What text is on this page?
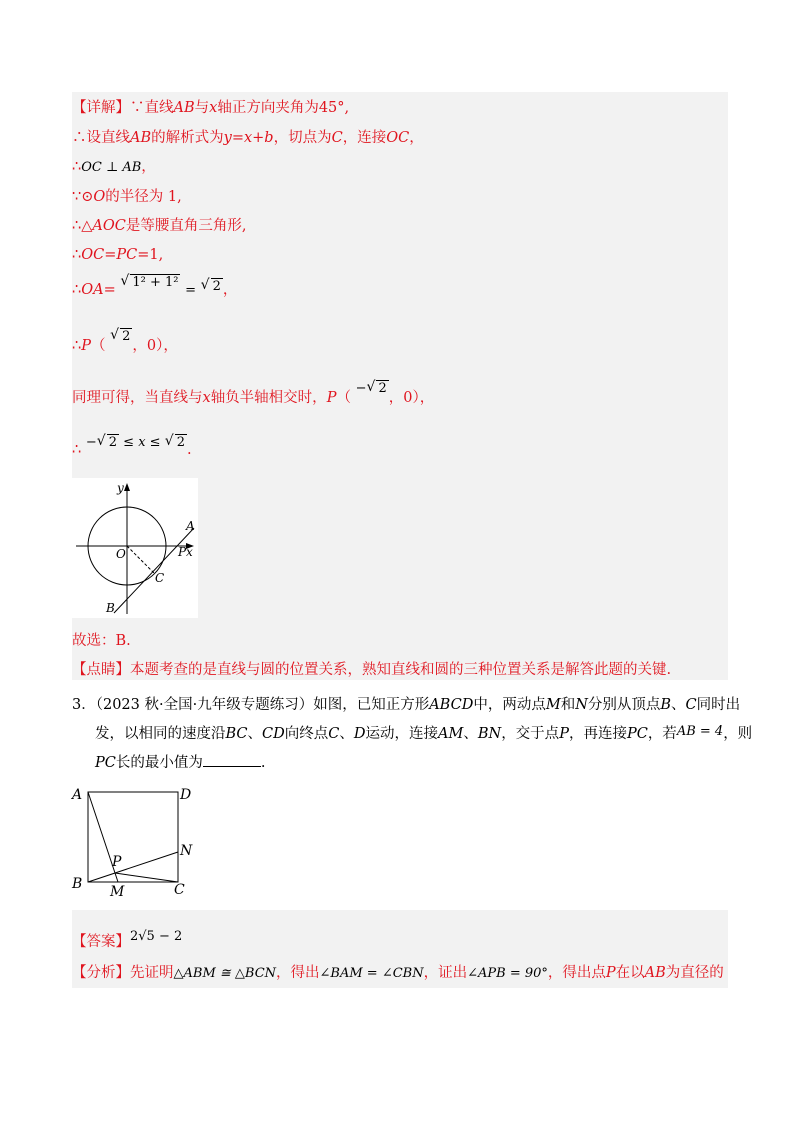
【详解】∵直线AB与x轴正方向夹角为45°,
∴设直线AB的解析式为y=x+b，切点为C，连接OC，
∴OC ⊥ AB，
∵⊙O的半径为 1,
∴△AOC是等腰直角三角形,
∴OC=PC=1,
∴OA=
√ 1² + 1² = √ 2 ，
∴P（
√ 2，0），
同理可得，当直线与x轴负半轴相交时，P（ − √ 2，0），
∴ − √ 2 ≤ x ≤ √ 2 .
y
x
O
A
P
C
B
故选：B.
【点睛】本题考查的是直线与圆的位置关系，熟知直线和圆的三种位置关系是解答此题的关键.
3．（2023 秋·全国·九年级专题练习）如图，已知正方形ABCD中，两动点M和N分别从顶点B、C同时出
发，以相同的速度沿BC、CD向终点C、D运动，连接AM、BN，交于点P，再连接PC，若AB = 4，则
PC长的最小值为	.
A	D
B	C
N
P
M
【答案】2√5 − 2
【分析】先证明△ABM ≅ △BCN，得出∠BAM = ∠CBN，证出∠APB = 90°，得出点P在以AB为直径的
